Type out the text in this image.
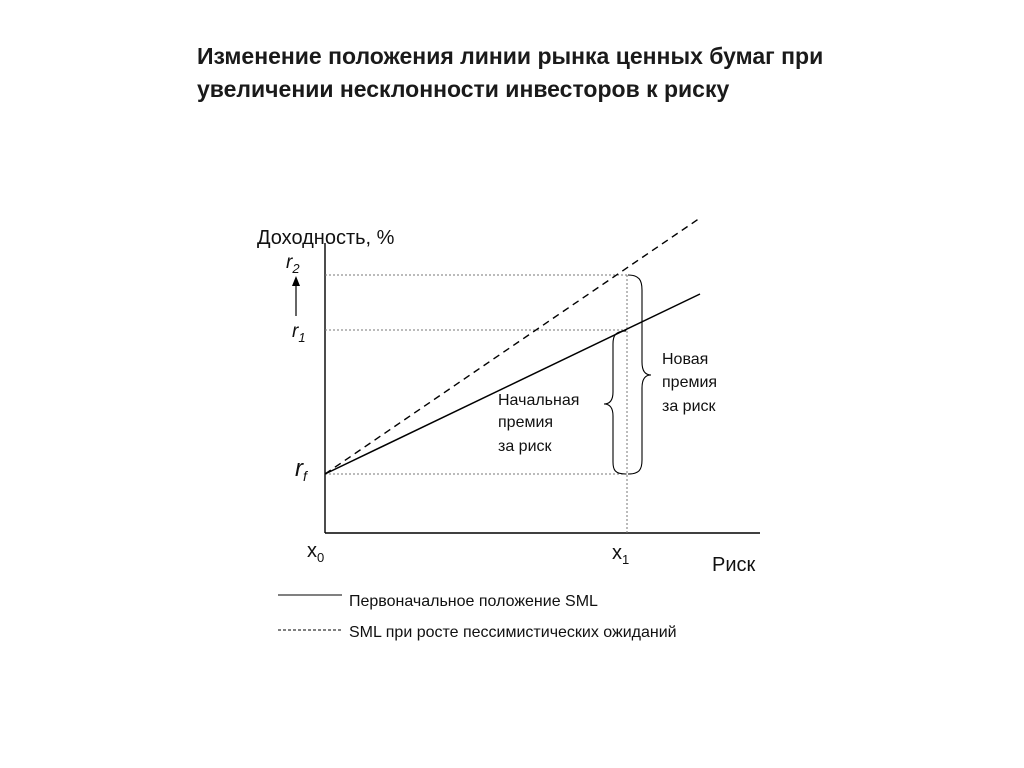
Изменение положения линии рынка ценных бумаг при
увеличении несклонности инвесторов к риску
Доходность, %
Риск
$r_2$
$r_1$
$r_f$
$x_0$	$x_1$
Начальная
премия
за риск
Новая
премия
за риск
Первоначальное положение SML
SML при росте пессимистических ожиданий
